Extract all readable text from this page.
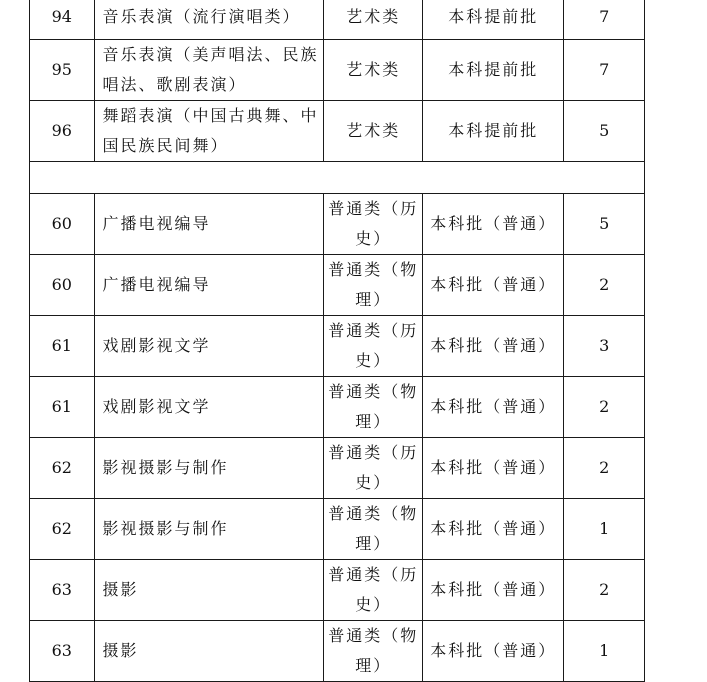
94	音乐表演（流行演唱类）	艺术类	本科提前批	7
95	音乐表演（美声唱法、民族唱法、歌剧表演）	艺术类	本科提前批	7
96	舞蹈表演（中国古典舞、中国民族民间舞）	艺术类	本科提前批	5

60	广播电视编导	普通类（历史）	本科批（普通）	5
60	广播电视编导	普通类（物理）	本科批（普通）	2
61	戏剧影视文学	普通类（历史）	本科批（普通）	3
61	戏剧影视文学	普通类（物理）	本科批（普通）	2
62	影视摄影与制作	普通类（历史）	本科批（普通）	2
62	影视摄影与制作	普通类（物理）	本科批（普通）	1
63	摄影	普通类（历史）	本科批（普通）	2
63	摄影	普通类（物理）	本科批（普通）	1
